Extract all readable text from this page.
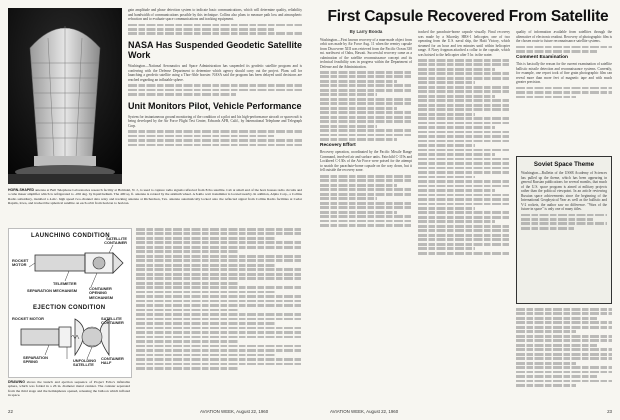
HORN-SHAPED antenna at Bell Telephone Laboratories research facility at Holmdel, N. J., is used to capture radio signals reflected from Echo satellite. Cab at small end of the horn houses radio circuits and a cube maser amplifier which is refrigerated to -456 deg. by liquid helium. The 400 sq. ft. antenna is rotated by the azimuth wheel. A 6-kilo watt transmitter is located nearby. In addition, Alpha Corp., a Collins Radio subsidiary, installed a 4-mc. high speed two-channel data relay and tracking antenna at Richardson, Tex. antenna automatically locked onto the reflected signal from Collins Radio facilities at Cedar Rapids, Iowa, and tracked the spherical satellite on each orbit from horizon to horizon.

gain amplitude and phase detection system to indicate basic communications, which will determine quality, reliability and bandwidth of communications possible by this technique. Collins also plans to measure path loss and atmospheric refraction and to evaluate space communications and tracking equipment.

NASA Has Suspended Geodetic Satellite Work

Washington—National Aeronautics and Space Administration has suspended its geodetic satellite program and is conferring with the Defense Department to determine which agency should carry out the project. Plans call for launching a geodetic satellite using a Thor-Able booster. NASA said the program has been delayed until decisions are reached regarding an inflatable sphere.

Unit Monitors Pilot, Vehicle Performance

System for instantaneous ground monitoring of the condition of a pilot and his high-performance aircraft or spacecraft is being developed by the Air Force Flight Test Center, Edwards AFB, Calif., by International Telephone and Telegraph Corp.

LAUNCHING CONDITION
ROCKET MOTOR
TELEMETER
SEPARATION MECHANISM
SATELLITE CONTAINER
CONTAINER OPENING MECHANISM
EJECTION CONDITION
ROCKET MOTOR
UNFOLDING SATELLITE
SATELLITE CONTAINER
SEPARATION SPRING
CONTAINER HALF
DRAWING shows the launch and ejection sequence of Project Echo's inflatable sphere, which was folded in a 26 in. diameter metal canister. The canister separated from the third stage and the hemispheres opened, releasing the balloon which inflated in space.
22	AVIATION WEEK, August 22, 1960
First Capsule Recovered From Satellite
By Larry Booda

Washington—First known recovery of a man-made object from orbit was made by Air Force Aug. 11 when the reentry capsule from Discoverer XIII was retrieved from the Pacific Ocean 330 mi. northwest of Oahu, Hawaii. Successful recovery came as a culmination of the satellite reconnaissance concept and its technical feasibility was in progress within the Department of Defense and the Administration.

Recovery Effort

Recovery operation, coordinated by the Pacific Missile Range Command, involved air and surface units. Fairchild C-119s and Lockheed C-130s of the Air Force were poised for the attempt to snatch the parachute-borne capsule on the way down, but it fell outside the recovery zone.

tracked the parachute-borne capsule visually. Final recovery was made by a Sikorsky HRS-1 helicopter, one of two operating from the U.S. naval ship, the Haiti Victory, which steamed for an hour and ten minutes until within helicopter range. A Navy frogman attached a collar to the capsule, which was hoisted to the helicopter after 5 hr. in the water.

quality of information available from satellites through the alternative of electronic readout. Recovery of photographic film is the chosen route to future reconnaissance satellite systems.

Comment Examination

This is basically the reason for the current examination of satellite ballistic missile detection and reconnaissance systems. Currently, for example, one report took of fine grain photographic film can reveal more than more feet of magnetic tape and with much greater precision.

Soviet Space Theme

Washington—Bulletin of the USSR Academy of Sciences has pulled up the theme, which has been appearing in general Russian publications for several months, that much of the U.S. space program is aimed at military projects rather than the political viewpoint. In an article reviewing Russian space achievements since the beginning of the International Geophysical Year as well as the ballistic and V-2 rockets, the author saw no difference. "Wars of the future in space" is only one of many titles.

AVIATION WEEK, August 22, 1960	23
